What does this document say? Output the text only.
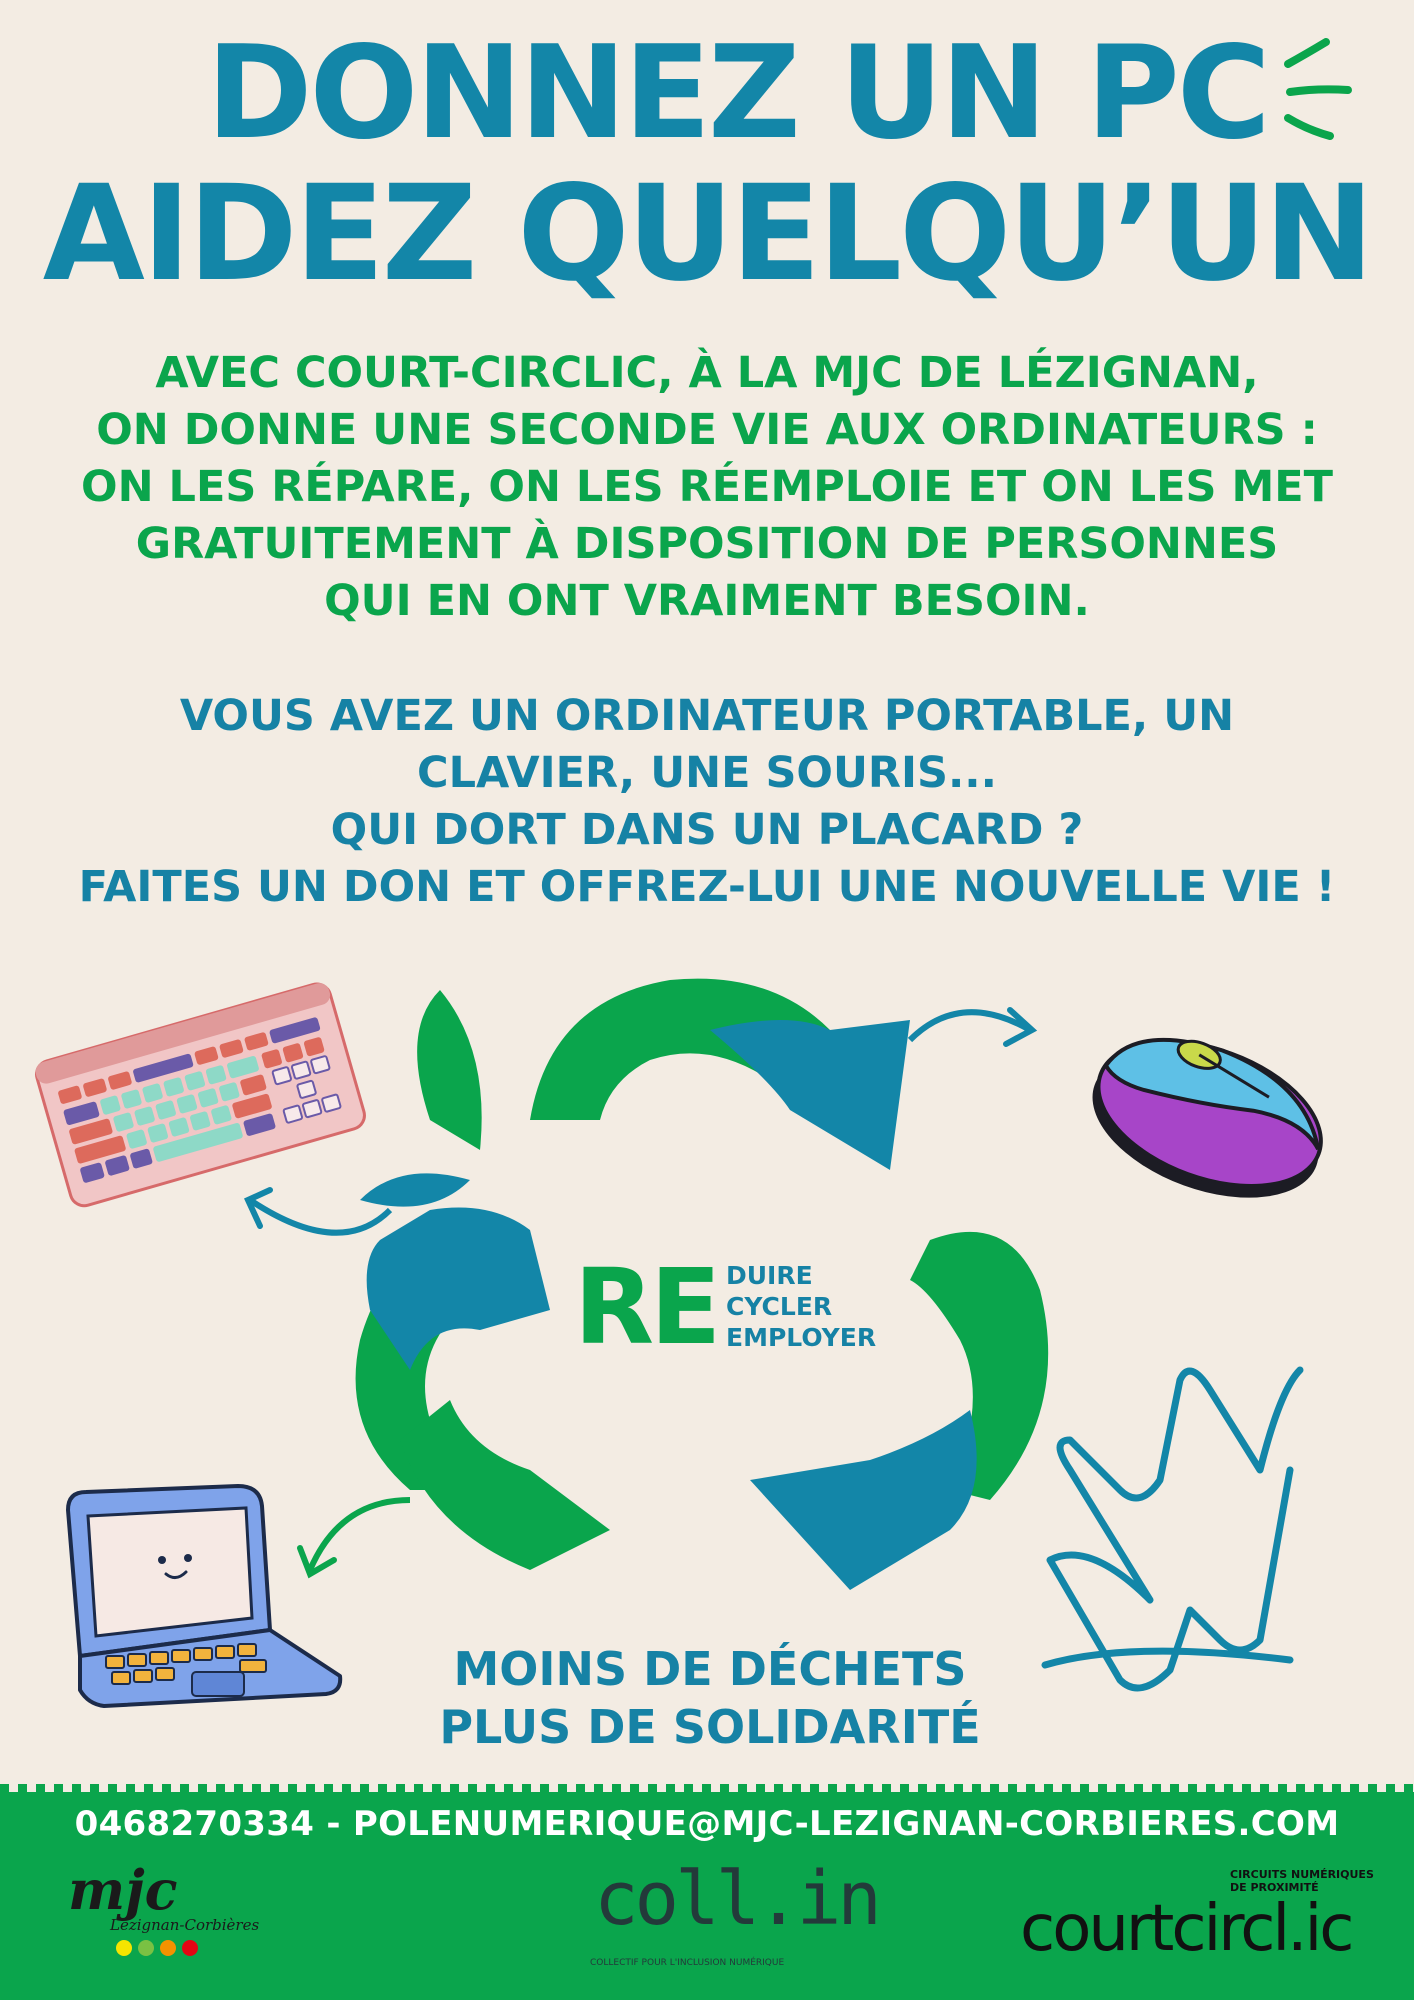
DONNEZ UN PC
AIDEZ QUELQU’UN
AVEC COURT-CIRCLIC, À LA MJC DE LÉZIGNAN,
ON DONNE UNE SECONDE VIE AUX ORDINATEURS :
ON LES RÉPARE, ON LES RÉEMPLOIE ET ON LES MET
GRATUITEMENT À DISPOSITION DE PERSONNES
QUI EN ONT VRAIMENT BESOIN.
VOUS AVEZ UN ORDINATEUR PORTABLE, UN
CLAVIER, UNE SOURIS...
QUI DORT DANS UN PLACARD ?
FAITES UN DON ET OFFREZ-LUI UNE NOUVELLE VIE !
RE DUIRE
CYCLER
EMPLOYER
MOINS DE DÉCHETS
PLUS DE SOLIDARITÉ
0468270334 - POLENUMERIQUE@MJC-LEZIGNAN-CORBIERES.COM
mjc
Lézignan-Corbières	coll.in
COLLECTIF POUR L'INCLUSION NUMÉRIQUE
CIRCUITS NUMÉRIQUES
DE PROXIMITÉ
courtcircl.ic
